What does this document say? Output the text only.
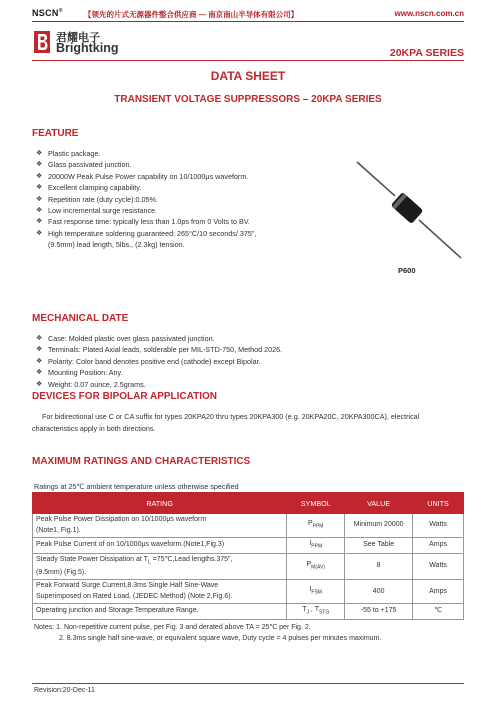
NSCN®	【领先的片式无源器件整合供应商 — 南京南山半导体有限公司】	www.nscn.com.cn
君耀电子
Brightking	20KPA SERIES
DATA SHEET
TRANSIENT VOLTAGE SUPPRESSORS – 20KPA SERIES
FEATURE
❖ Plastic package.
❖ Glass passivated junction.
❖ 20000W Peak Pulse Power capability on 10/1000μs waveform.
❖ Excellent clamping capability.
❖ Repetition rate (duty cycle):0.05%.
❖ Low incremental surge resistance.
❖ Fast response time: typically less than 1.0ps from 0 Volts to BV.
❖ High temperature soldering guaranteed: 265°C/10 seconds/.375",
(9.5mm) lead length, 5lbs., (2.3kg) tension.
P600
MECHANICAL DATE
❖ Case: Molded plastic over glass passivated junction.
❖ Terminals: Plated Axial leads, solderable per MIL-STD-750, Method 2026.
❖ Polarity: Color band denotes positive end (cathode) except Bipolar.
❖ Mounting Position: Any.
❖ Weight: 0.07 ounce, 2.5grams.
DEVICES FOR BIPOLAR APPLICATION
For bidirectional use C or CA suffix for types 20KPA20 thru types 20KPA300 (e.g. 20KPA20C, 20KPA300CA), electrical characteristics apply in both directions.
MAXIMUM RATINGS AND CHARACTERISTICS
Ratings at 25℃ ambient temperature unless otherwise specified
RATING	SYMBOL	VALUE	UNITS
Peak Pulse Power Dissipation on 10/1000μs waveform
(Note1, Fig.1).	$P_{PPM}$	Minimum 20000	Watts
Peak Pulse Current of on 10/1000μs waveform.(Note1,Fig.3)	$I_{PPM}$	See Table	Amps
Steady State Power Dissipation at $T_L$ =75℃,Lead lengths.375",
(9.5mm) (Fig.5).	$P_{M(AV)}$	8	Watts
Peak Forward Surge Current,8.3ms Single Half Sine-Wave
Superimposed on Rated Load, (JEDEC Method) (Note 2,Fig.6).	$I_{FSM}$	400	Amps
Operating junction and Storage Temperature Range.	$T_J$ , $T_{STG}$	-55 to +175	℃
Notes: 1. Non-repetitive current pulse, per Fig. 3 and derated above TA = 25℃ per Fig. 2.
2. 8.3ms single half sine-wave, or equivalent square wave, Duty cycle = 4 pulses per minutes maximum.
Revision:20-Dec-11
